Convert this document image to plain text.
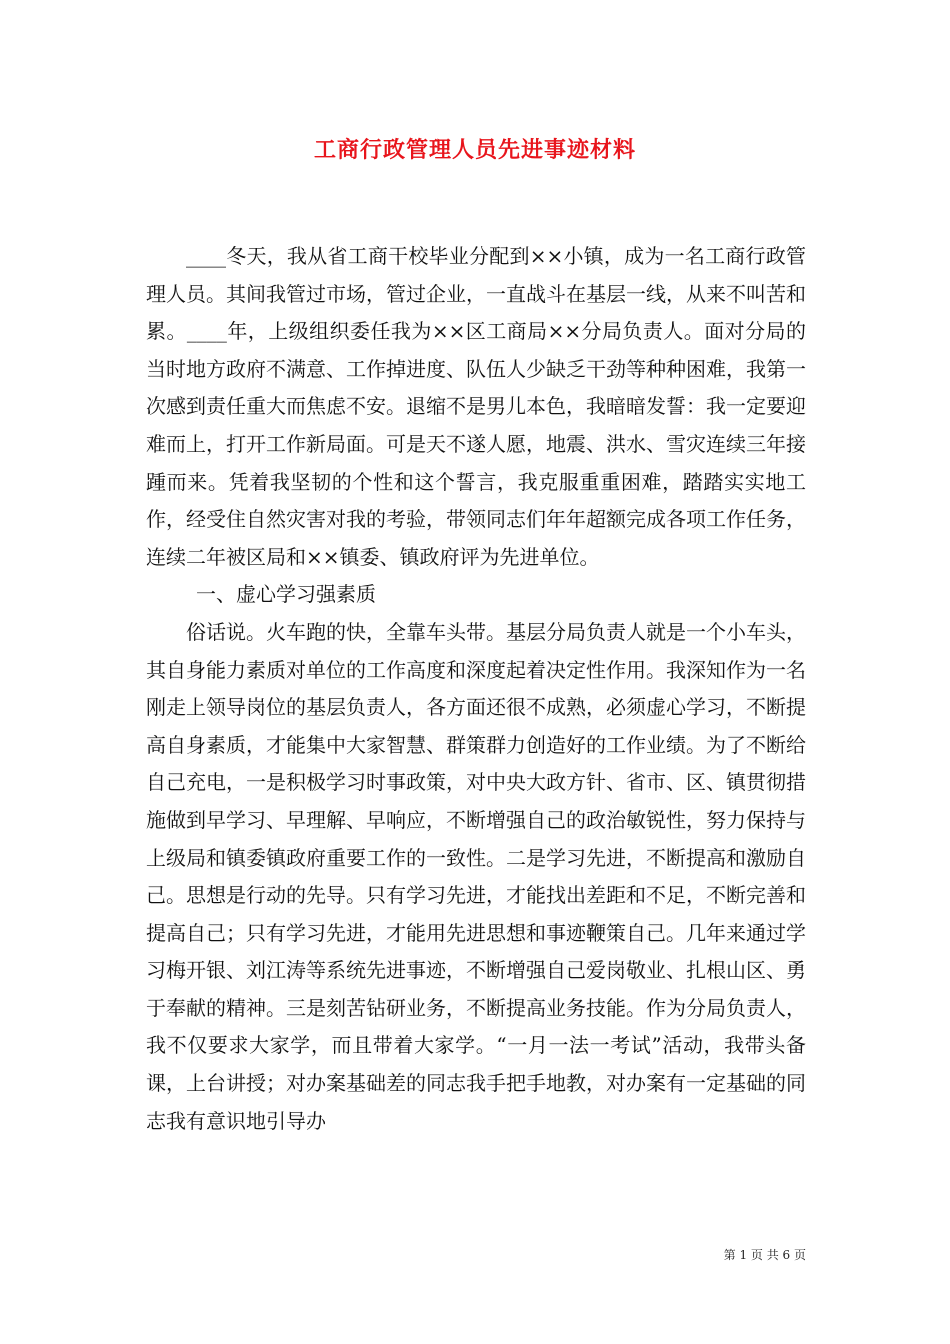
工商行政管理人员先进事迹材料

____冬天，我从省工商干校毕业分配到××小镇，成为一名工商行政管理人员。其间我管过市场，管过企业，一直战斗在基层一线，从来不叫苦和累。____年，上级组织委任我为××区工商局××分局负责人。面对分局的当时地方政府不满意、工作掉进度、队伍人少缺乏干劲等种种困难，我第一次感到责任重大而焦虑不安。退缩不是男儿本色，我暗暗发誓：我一定要迎难而上，打开工作新局面。可是天不遂人愿，地震、洪水、雪灾连续三年接踵而来。凭着我坚韧的个性和这个誓言，我克服重重困难，踏踏实实地工作，经受住自然灾害对我的考验，带领同志们年年超额完成各项工作任务，连续二年被区局和××镇委、镇政府评为先进单位。

一、虚心学习强素质

俗话说。火车跑的快，全靠车头带。基层分局负责人就是一个小车头，其自身能力素质对单位的工作高度和深度起着决定性作用。我深知作为一名刚走上领导岗位的基层负责人，各方面还很不成熟，必须虚心学习，不断提高自身素质，才能集中大家智慧、群策群力创造好的工作业绩。为了不断给自己充电，一是积极学习时事政策，对中央大政方针、省市、区、镇贯彻措施做到早学习、早理解、早响应，不断增强自己的政治敏锐性，努力保持与上级局和镇委镇政府重要工作的一致性。二是学习先进，不断提高和激励自己。思想是行动的先导。只有学习先进，才能找出差距和不足，不断完善和提高自己；只有学习先进，才能用先进思想和事迹鞭策自己。几年来通过学习梅开银、刘江涛等系统先进事迹，不断增强自己爱岗敬业、扎根山区、勇于奉献的精神。三是刻苦钻研业务，不断提高业务技能。作为分局负责人，我不仅要求大家学，而且带着大家学。“一月一法一考试”活动，我带头备课，上台讲授；对办案基础差的同志我手把手地教，对办案有一定基础的同志我有意识地引导办

第 1 页 共 6 页
